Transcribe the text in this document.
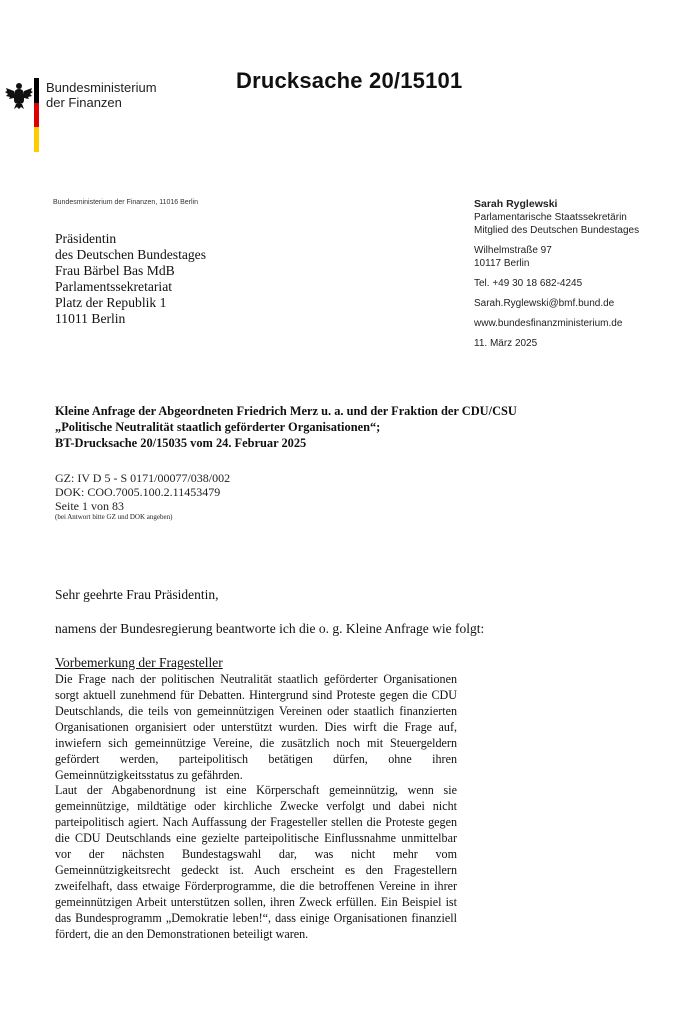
Bundesministerium
der Finanzen
Drucksache 20/15101
Bundesministerium der Finanzen, 11016 Berlin
Präsidentin
des Deutschen Bundestages
Frau Bärbel Bas MdB
Parlamentssekretariat
Platz der Republik 1
11011 Berlin
Sarah Ryglewski
Parlamentarische Staatssekretärin
Mitglied des Deutschen Bundestages
Wilhelmstraße 97
10117 Berlin
Tel. +49 30 18 682-4245
Sarah.Ryglewski@bmf.bund.de
www.bundesfinanzministerium.de
11. März 2025
Kleine Anfrage der Abgeordneten Friedrich Merz u. a. und der Fraktion der CDU/CSU
„Politische Neutralität staatlich geförderter Organisationen“;
BT-Drucksache 20/15035 vom 24. Februar 2025
GZ: IV D 5 - S 0171/00077/038/002
DOK: COO.7005.100.2.11453479
Seite 1 von 83
(bei Antwort bitte GZ und DOK angeben)
Sehr geehrte Frau Präsidentin,
namens der Bundesregierung beantworte ich die o. g. Kleine Anfrage wie folgt:
Vorbemerkung der Fragesteller
Die Frage nach der politischen Neutralität staatlich geförderter Organisationen sorgt aktuell zunehmend für Debatten. Hintergrund sind Proteste gegen die CDU Deutschlands, die teils von gemeinnützigen Vereinen oder staatlich finanzierten Organisationen organisiert oder unterstützt wurden. Dies wirft die Frage auf, inwiefern sich gemeinnützige Vereine, die zusätzlich noch mit Steuergeldern gefördert werden, parteipolitisch betätigen dürfen, ohne ihren Gemeinnützigkeitsstatus zu gefährden.
Laut der Abgabenordnung ist eine Körperschaft gemeinnützig, wenn sie gemeinnützige, mildtätige oder kirchliche Zwecke verfolgt und dabei nicht parteipolitisch agiert. Nach Auffassung der Fragesteller stellen die Proteste gegen die CDU Deutschlands eine gezielte parteipolitische Einflussnahme unmittelbar vor der nächsten Bundestagswahl dar, was nicht mehr vom Gemeinnützigkeitsrecht gedeckt ist. Auch erscheint es den Fragestellern zweifelhaft, dass etwaige Förderprogramme, die die betroffenen Vereine in ihrer gemeinnützigen Arbeit unterstützen sollen, ihren Zweck erfüllen. Ein Beispiel ist das Bundesprogramm „Demokratie leben!“, dass einige Organisationen finanziell fördert, die an den Demonstrationen beteiligt waren.
